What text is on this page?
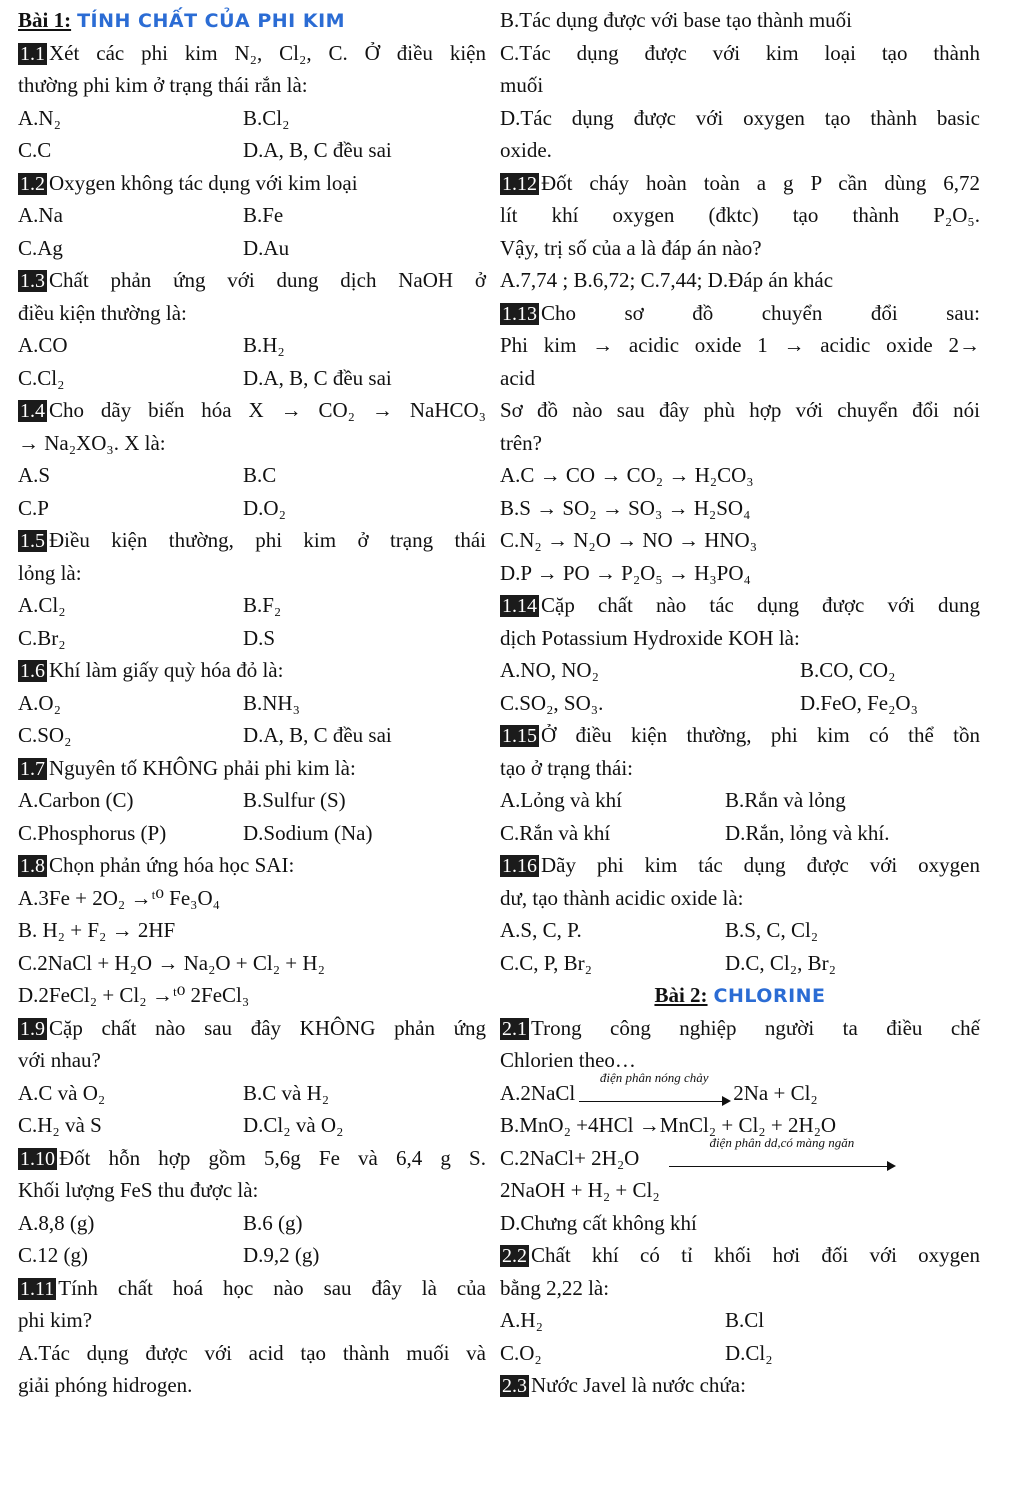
Bài 1: TÍNH CHẤT CỦA PHI KIM
1.1 Xét các phi kim N₂, Cl₂, C. Ở điều kiện
thường phi kim ở trạng thái rắn là:
A.N₂	B.Cl₂
C.C	D.A, B, C đều sai
1.2 Oxygen không tác dụng với kim loại
A.Na	B.Fe
C.Ag	D.Au
1.3 Chất phản ứng với dung dịch NaOH ở
điều kiện thường là:
A.CO	B.H₂
C.Cl₂	D.A, B, C đều sai
1.4 Cho dãy biến hóa X → CO₂ → NaHCO₃
→ Na₂XO₃. X là:
A.S	B.C
C.P	D.O₂
1.5 Điều kiện thường, phi kim ở trạng thái
lỏng là:
A.Cl₂	B.F₂
C.Br₂	D.S
1.6 Khí làm giấy quỳ hóa đỏ là:
A.O₂	B.NH₃
C.SO₂	D.A, B, C đều sai
1.7 Nguyên tố KHÔNG phải phi kim là:
A.Carbon (C)	B.Sulfur (S)
C.Phosphorus (P)	D.Sodium (Na)
1.8 Chọn phản ứng hóa học SAI:
A.3Fe + 2O₂ →ᵗ⁰ Fe₃O₄
B. H₂ + F₂ → 2HF
C.2NaCl + H₂O → Na₂O + Cl₂ + H₂
D.2FeCl₂ + Cl₂ →ᵗ⁰ 2FeCl₃
1.9 Cặp chất nào sau đây KHÔNG phản ứng
với nhau?
A.C và O₂	B.C và H₂
C.H₂ và S	D.Cl₂ và O₂
1.10 Đốt hỗn hợp gồm 5,6g Fe và 6,4 g S.
Khối lượng FeS thu được là:
A.8,8 (g)	B.6 (g)
C.12 (g)	D.9,2 (g)
1.11 Tính chất hoá học nào sau đây là của
phi kim?
A.Tác dụng được với acid tạo thành muối và
giải phóng hidrogen.
B.Tác dụng được với base tạo thành muối
C.Tác dụng được với kim loại tạo thành
muối
D.Tác dụng được với oxygen tạo thành basic
oxide.
1.12 Đốt cháy hoàn toàn a g P cần dùng 6,72
lít khí oxygen (đktc) tạo thành P₂O₅.
Vậy, trị số của a là đáp án nào?
A.7,74 ; B.6,72; C.7,44; D.Đáp án khác
1.13 Cho sơ đồ chuyển đổi sau:
Phi kim → acidic oxide 1 → acidic oxide 2→
acid
Sơ đồ nào sau đây phù hợp với chuyển đổi nói
trên?
A.C → CO → CO₂ → H₂CO₃
B.S → SO₂ → SO₃ → H₂SO₄
C.N₂ → N₂O → NO → HNO₃
D.P → PO → P₂O₅ → H₃PO₄
1.14 Cặp chất nào tác dụng được với dung
dịch Potassium Hydroxide KOH là:
A.NO, NO₂	B.CO, CO₂
C.SO₂, SO₃.	D.FeO, Fe₂O₃
1.15 Ở điều kiện thường, phi kim có thể tồn
tạo ở trạng thái:
A.Lỏng và khí	B.Rắn và lỏng
C.Rắn và khí	D.Rắn, lỏng và khí.
1.16 Dãy phi kim tác dụng được với oxygen
dư, tạo thành acidic oxide là:
A.S, C, P.	B.S, C, Cl₂
C.C, P, Br₂	D.C, Cl₂, Br₂
Bài 2: CHLORINE
2.1 Trong công nghiệp người ta điều chế
Chlorien theo…
A.2NaCl
điện phân nóng chảy
2Na + Cl₂
B.MnO₂ +4HCl →MnCl₂ + Cl₂ + 2H₂O
C.2NaCl+ 2H₂O
điện phân dd,có màng ngăn
2NaOH + H₂ + Cl₂
D.Chưng cất không khí
2.2 Chất khí có tỉ khối hơi đối với oxygen
bằng 2,22 là:
A.H₂	B.Cl
C.O₂	D.Cl₂
2.3 Nước Javel là nước chứa:
